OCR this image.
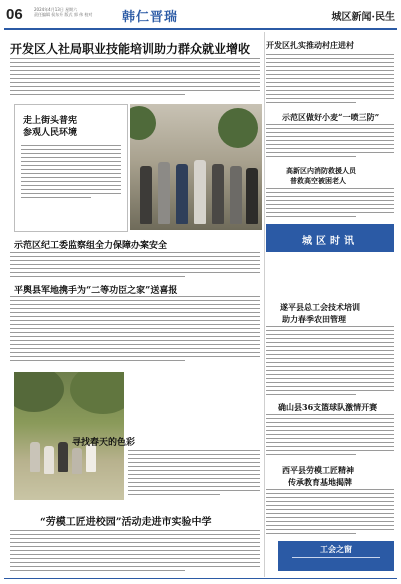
06	2024年4月13日 星期六
责任编辑 侯东升 版式 郭 伟 校对 韩仁晋瑞	城区新闻·民生
开发区人社局职业技能培训助力群众就业增收
走上街头普宪
参观人民环境
开发区扎实推动村庄进村
示范区做好小麦“一喷三防”
高新区内消防救援人员
普救高空被困老人
城区时讯
示范区纪工委监察组全力保障办案安全
平舆县军地携手为“二等功臣之家”送喜报
寻找春天的色彩
遂平县总工会技术培训
助力春季农田管理
确山县36支篮球队激情开赛
西平县劳模工匠精神
传承教育基地揭牌
“劳模工匠进校园”活动走进市实验中学
工会之窗
